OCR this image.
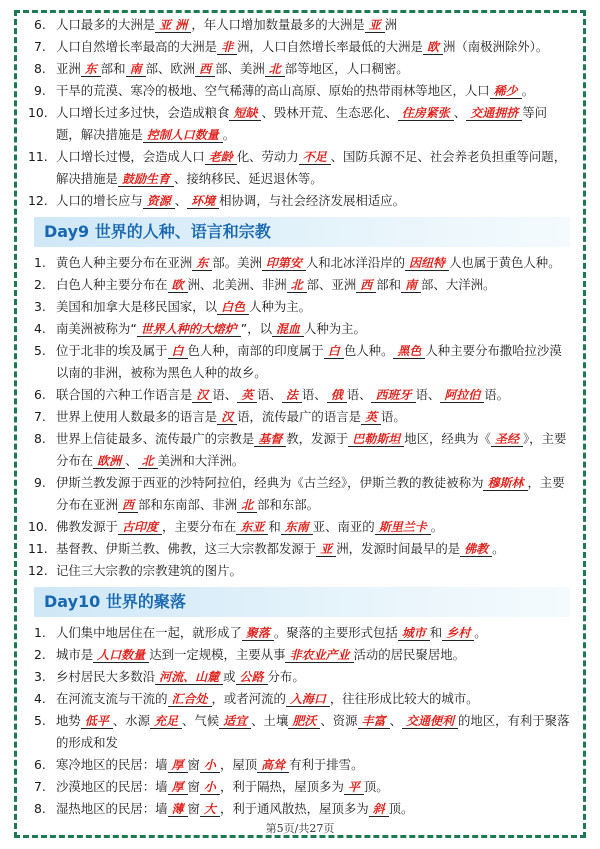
6. 人口最多的大洲是 亚 洲 ，年人口增加数量最多的大洲是 亚 洲
7. 人口自然增长率最高的大洲是 非 洲，人口自然增长率最低的大洲是 欧 洲（南极洲除外）。
8. 亚洲 东 部和 南 部、欧洲 西 部、美洲 北 部等地区，人口稠密。
9. 干旱的荒漠、寒冷的极地、空气稀薄的高山高原、原始的热带雨林等地区，人口 稀少 。
10. 人口增长过多过快，会造成粮食 短缺 、毁林开荒、生态恶化、 住房紧张 、 交通拥挤 等问题，解决措施是 控制人口数量 。
11. 人口增长过慢，会造成人口 老龄 化、劳动力 不足 、国防兵源不足、社会养老负担重等问题，解决措施是 鼓励生育 、接纳移民、延迟退休等。
12. 人口的增长应与 资源 、 环境 相协调，与社会经济发展相适应。
Day9 世界的人种、语言和宗教
1. 黄色人种主要分布在亚洲 东 部。美洲 印第安 人和北冰洋沿岸的 因纽特 人也属于黄色人种。
2. 白色人种主要分布在 欧 洲、北美洲、非洲 北 部、亚洲 西 部和 南 部、大洋洲。
3. 美国和加拿大是移民国家，以 白色 人种为主。
4. 南美洲被称为“ 世界人种的大熔炉 ”，以 混血 人种为主。
5. 位于北非的埃及属于 白 色人种，南部的印度属于 白 色人种。 黑色 人种主要分布撒哈拉沙漠以南的非洲，被称为黑色人种的故乡。
6. 联合国的六种工作语言是 汉 语、 英 语、 法 语、 俄 语、 西班牙 语、 阿拉伯 语。
7. 世界上使用人数最多的语言是 汉 语，流传最广的语言是 英 语。
8. 世界上信徒最多、流传最广的宗教是 基督 教，发源于 巴勒斯坦 地区，经典为《 圣经 》，主要分布在 欧洲 、 北 美洲和大洋洲。
9. 伊斯兰教发源于西亚的沙特阿拉伯，经典为《古兰经》，伊斯兰教的教徒被称为 穆斯林 ，主要分布在亚洲 西 部和东南部、非洲 北 部和东部。
10. 佛教发源于 古印度 ，主要分布在 东亚 和 东南 亚、南亚的 斯里兰卡 。
11. 基督教、伊斯兰教、佛教，这三大宗教都发源于 亚 洲，发源时间最早的是 佛教 。
12. 记住三大宗教的宗教建筑的图片。
Day10 世界的聚落
1. 人们集中地居住在一起，就形成了 聚落 。聚落的主要形式包括 城市 和 乡村 。
2. 城市是 人口数量 达到一定规模，主要从事 非农业产业 活动的居民聚居地。
3. 乡村居民大多数沿 河流、山麓 或 公路 分布。
4. 在河流支流与干流的 汇合处 ，或者河流的 入海口 ，往往形成比较大的城市。
5. 地势 低平 、水源 充足 、气候 适宜 、土壤 肥沃 、资源 丰富 、 交通便利 的地区，有利于聚落的形成和发
6. 寒冷地区的民居：墙 厚 窗 小 ，屋顶 高耸 有利于排雪。
7. 沙漠地区的民居：墙 厚 窗 小 ，利于隔热，屋顶多为 平 顶。
8. 湿热地区的民居：墙 薄 窗 大 ，利于通风散热，屋顶多为 斜 顶。
第5页/共27页
